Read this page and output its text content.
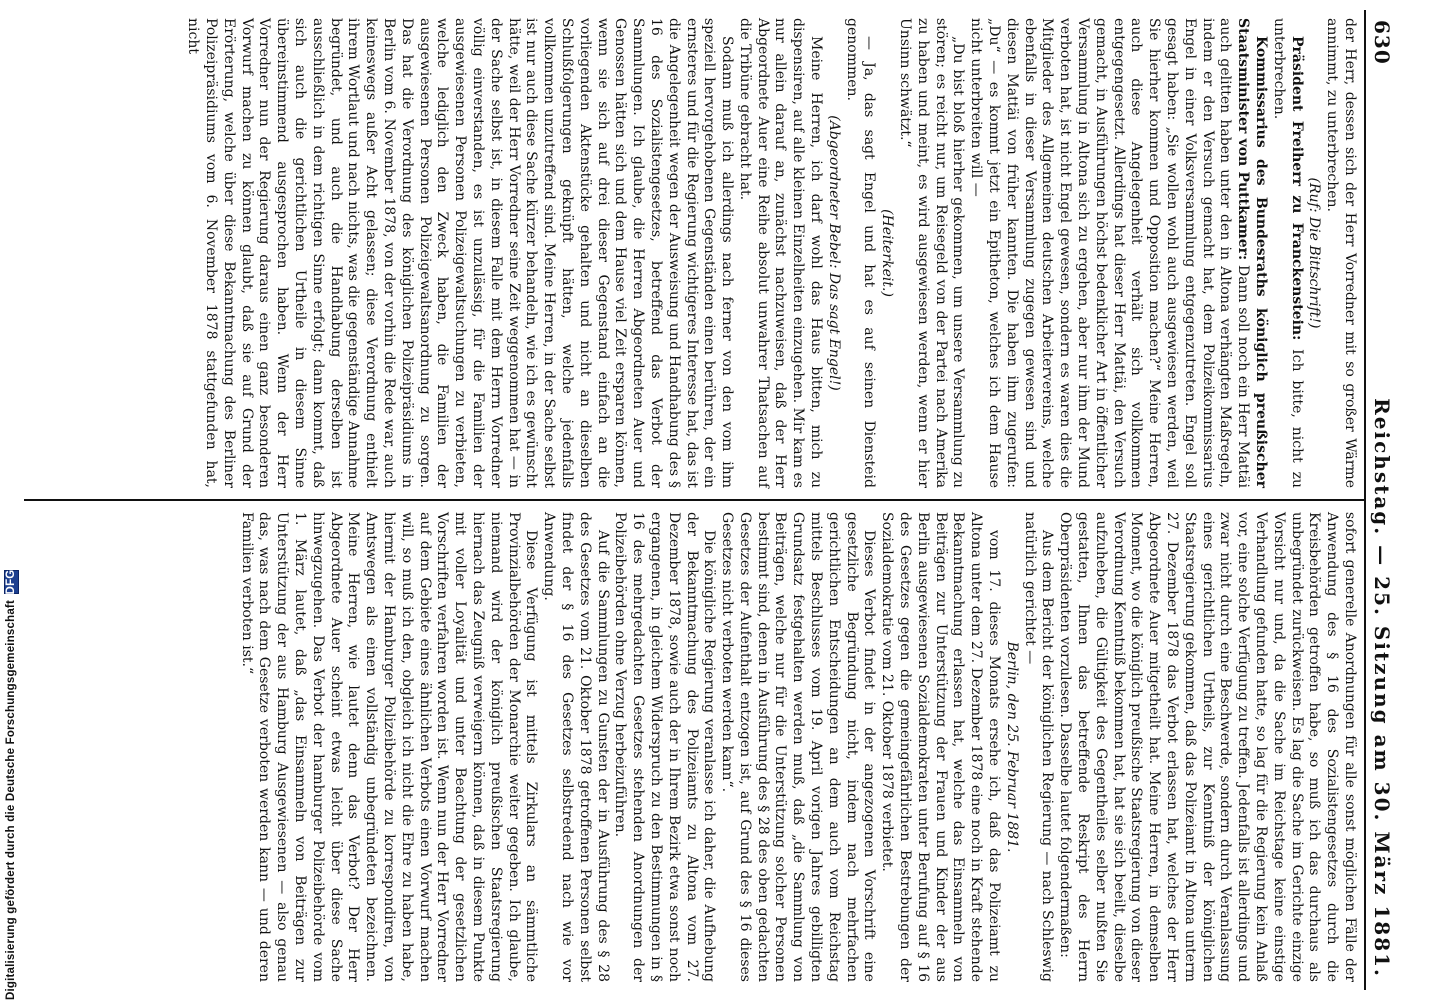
630
Reichstag. — 25. Sitzung am 30. März 1881.

der Herr, dessen sich der Herr Vorredner mit so großer Wärme annimmt, zu unterbrechen.

(Ruf: Die Bittschrift!)

Präsident Freiherr zu Franckenstein: Ich bitte, nicht zu unterbrechen.

Kommissarius des Bundesraths königlich preußischer Staatsminister von Puttkamer: Dann soll noch ein Herr Mattäi auch gelitten haben unter den in Altona verhängten Maßregeln, indem er den Versuch gemacht hat, dem Polizeikommissarius Engel in einer Volksversammlung entgegenzutreten. Engel soll gesagt haben: „Sie wollen wohl auch ausgewiesen werden, weil Sie hierher kommen und Opposition machen?“ Meine Herren, auch diese Angelegenheit verhält sich vollkommen entgegengesetzt. Allerdings hat dieser Herr Mattäi, den Versuch gemacht, in Ausführungen höchst bedenklicher Art in öffentlicher Versammlung in Altona sich zu ergehen, aber nur ihm der Mund verboten hat, ist nicht Engel gewesen, sondern es waren dies die Mitglieder des Allgemeinen deutschen Arbeitervereins, welche ebenfalls in dieser Versammlung zugegen gewesen sind und diesen Mattäi von früher kannten. Die haben ihm zugerufen: „Du“ — es kommt jetzt ein Epitheton, welches ich dem Hause nicht unterbreiten will —

„Du bist bloß hierher gekommen, um unsere Versammlung zu stören; es reicht nur, um Reisegeld von der Partei nach Amerika zu haben und meint, es wird ausgewiesen werden, wenn er hier Unsinn schwätzt.“

(Heiterkeit.)

— Ja, das sagt Engel und hat es auf seinen Diensteid genommen.

(Abgeordneter Bebel: Das sagt Engel!)

Meine Herren, ich darf wohl das Haus bitten, mich zu dispensiren, auf alle kleinen Einzelheiten einzugehen. Mir kam es nur allein darauf an, zunächst nachzuweisen, daß der Herr Abgeordnete Auer eine Reihe absolut unwahrer Thatsachen auf die Tribüne gebracht hat.

Sodann muß ich allerdings nach ferner von den vom ihm speziell hervorgehobenen Gegenständen einen berühren, der ein ernsteres und für die Regierung wichtigeres Interesse hat, das ist die Angelegenheit wegen der Ausweisung und Handhabung des § 16 des Sozialistengesetzes, betreffend das Verbot der Sammlungen. Ich glaube, die Herren Abgeordneten Auer und Genossen hätten sich und dem Hause viel Zeit ersparen können, wenn sie sich auf drei dieser Gegenstand einfach an die vorliegenden Aktenstücke gehalten und nicht an dieselben Schlußfolgerungen geknüpft hätten, welche jedenfalls vollkommen unzutreffend sind. Meine Herren, in der Sache selbst ist nur auch diese Sache kürzer behandeln, wie ich es gewünscht hätte, weil der Herr Vorredner seine Zeit weggenommen hat — in der Sache selbst ist, in diesem Falle mit dem Herrn Vorredner völlig einverstanden, es ist unzulässig, für die Familien der ausgewiesenen Personen Polizeigewaltsuchungen zu verbieten, welche lediglich den Zweck haben, die Familien der ausgewiesenen Personen Polizeigewaltsanordnung zu sorgen. Das hat die Verordnung des königlichen Polizeipräsidiums in Berlin vom 6. November 1878, von der vorhin die Rede war, auch keineswegs außer Acht gelassen; diese Verordnung enthielt ihrem Wortlaut und nach nichts, was die gegenständige Annahme begründet, und auch die Handhabung derselben ist ausschließlich in dem richtigen Sinne erfolgt; dann kommt, daß sich auch die gerichtlichen Urtheile in diesem Sinne übereinstimmend ausgesprochen haben. Wenn der Herr Vorredner nun der Regierung daraus einen ganz besonderen Vorwurf machen zu können glaubt, daß sie auf Grund der Erörterung, welche über diese Bekanntmachung des Berliner Polizeipräsidiums vom 6. November 1878 stattgefunden hat, nicht

sofort generelle Anordnungen für alle sonst möglichen Fälle der Anwendung des § 16 des Sozialistengesetzes durch die Kreisbehörden getroffen habe, so muß ich das durchaus als unbegründet zurückweisen. Es lag die Sache im Gerichte einzige Vorsicht nur und, da die Sache im Reichstage keine einstige Verhandlung gefunden hatte, so lag für die Regierung kein Anlaß vor, eine solche Verfügung zu treffen. Jedenfalls ist allerdings und zwar nicht durch eine Beschwerde, sondern durch Veranlassung eines gerichtlichen Urtheils, zur Kenntniß der königlichen Staatsregierung gekommen, daß das Polizeiamt in Altona unterm 27. Dezember 1878 das Verbot erlassen hat, welches der Herr Abgeordnete Auer mitgetheilt hat. Meine Herren, in demselben Moment, wo die königlich preußische Staatsregierung von dieser Verordnung Kenntniß bekommen hat, hat sie sich beeilt, dieselbe aufzuheben, die Gültigkeit des Gegentheiles selber nußten Sie gestatten, Ihnen das betreffende Reskript des Herrn Oberpräsidenten vorzulesen. Dasselbe lautet folgendermaßen:

Aus dem Bericht der königlichen Regierung — nach Schleswig natürlich gerichtet —

Berlin, den 25. Februar 1881.

vom 17. dieses Monats ersehe ich, daß das Polizeiamt zu Altona unter dem 27. Dezember 1878 eine noch in Kraft stehende Bekanntmachung erlassen hat, welche das Einsammeln von Beiträgen zur Unterstützung der Frauen und Kinder der aus Berlin ausgewiesenen Sozialdemokraten unter Berufung auf § 16 des Gesetzes gegen die gemeingefährlichen Bestrebungen der Sozialdemokratie vom 21. Oktober 1878 verbietet.

Dieses Verbot findet in der angezogenen Vorschrift eine gesetzliche Begründung nicht, indem nach mehrfachen gerichtlichen Entscheidungen an dem auch vom Reichstag mittels Beschlusses vom 19. April vorigen Jahres gebilligten Grundsatz festgehalten werden muß, daß „die Sammlung von Beiträgen, welche nur für die Unterstützung solcher Personen bestimmt sind, denen in Ausführung des § 28 des oben gedachten Gesetzes der Aufenthalt entzogen ist, auf Grund des § 16 dieses Gesetzes nicht verboten werden kann“.

Die königliche Regierung veranlasse ich daher, die Aufhebung der Bekanntmachung des Polizeiamts zu Altona vom 27. Dezember 1878, sowie auch der in Ihrem Bezirk etwa sonst noch ergangenen, in gleichem Widerspruch zu den Bestimmungen in § 16 des mehrgedachten Gesetzes stehenden Anordnungen der Polizeibehörden ohne Verzug herbeizuführen.

Auf die Sammlungen zu Gunsten der in Ausführung des § 28 des Gesetzes vom 21. Oktober 1878 getroffenen Personen selbst findet der § 16 des Gesetzes selbstredend nach wie vor Anwendung.

Diese Verfügung ist mittels Zirkulars an sämmtliche Provinzialbehörden der Monarchie weiter gegeben. Ich glaube, niemand wird der königlich preußischen Staatsregierung hiernach das Zeugniß verweigern können, daß in diesem Punkte mit voller Loyalität und unter Beachtung der gesetzlichen Vorschriften verfahren worden ist. Wenn nun der Herr Vorredner auf dem Gebiete eines ähnlichen Verbots einen Vorwurf machen will, so muß ich den, obgleich ich nicht die Ehre zu haben habe, hiermit der Hamburger Polizeibehörde zu korrespondiren, von Amtswegen als einen vollständig unbegründeten bezeichnen. Meine Herren, wie lautet denn das Verbot? Der Herr Abgeordnete Auer scheint etwas leicht über diese Sache hinwegzugehen. Das Verbot der hamburger Polizeibehörde vom 1. März lautet, daß „das Einsammeln von Beiträgen zur Unterstützung der aus Hamburg Ausgewiesenen — also genau das, was nach dem Gesetze verboten werden kann — und deren Familien verboten ist.“

Digitalisierung gefördert durch die Deutsche Forschungsgemeinschaft
DFG
